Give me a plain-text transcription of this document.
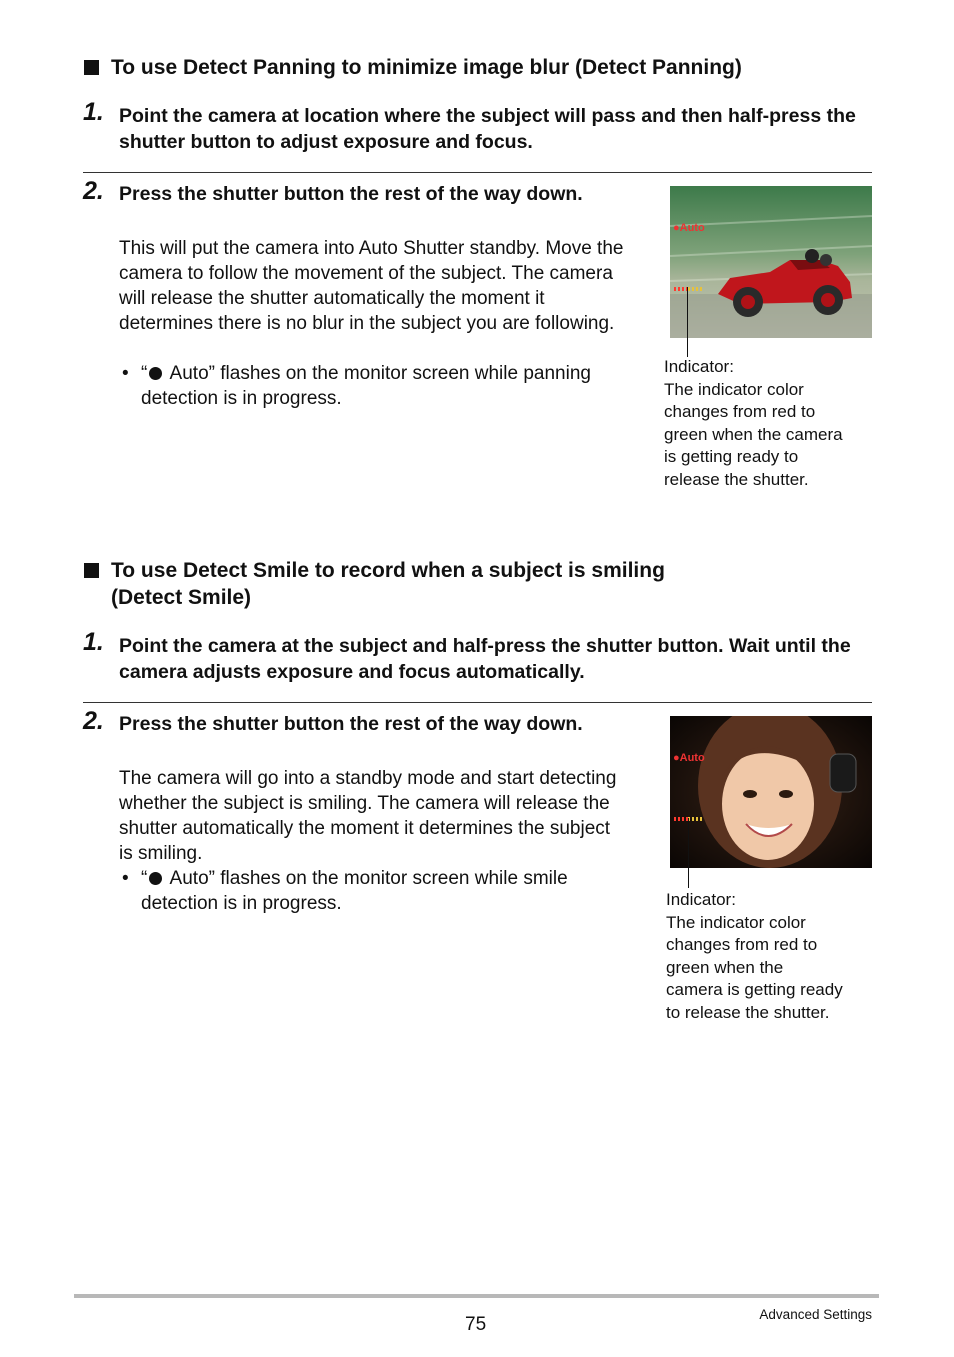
To use Detect Panning to minimize image blur (Detect Panning)
1. Point the camera at location where the subject will pass and then half-press the shutter button to adjust exposure and focus.
2. Press the shutter button the rest of the way down.
This will put the camera into Auto Shutter standby. Move the camera to follow the movement of the subject. The camera will release the shutter automatically the moment it determines there is no blur in the subject you are following.
• “ Auto” flashes on the monitor screen while panning detection is in progress.
●Auto
Indicator:
The indicator color
changes from red to
green when the camera
is getting ready to
release the shutter.
To use Detect Smile to record when a subject is smiling
(Detect Smile)
1. Point the camera at the subject and half-press the shutter button. Wait until the camera adjusts exposure and focus automatically.
2. Press the shutter button the rest of the way down.
The camera will go into a standby mode and start detecting whether the subject is smiling. The camera will release the shutter automatically the moment it determines the subject is smiling.
• “ Auto” flashes on the monitor screen while smile detection is in progress.
●Auto
Indicator:
The indicator color
changes from red to
green when the
camera is getting ready
to release the shutter.
75	Advanced Settings
